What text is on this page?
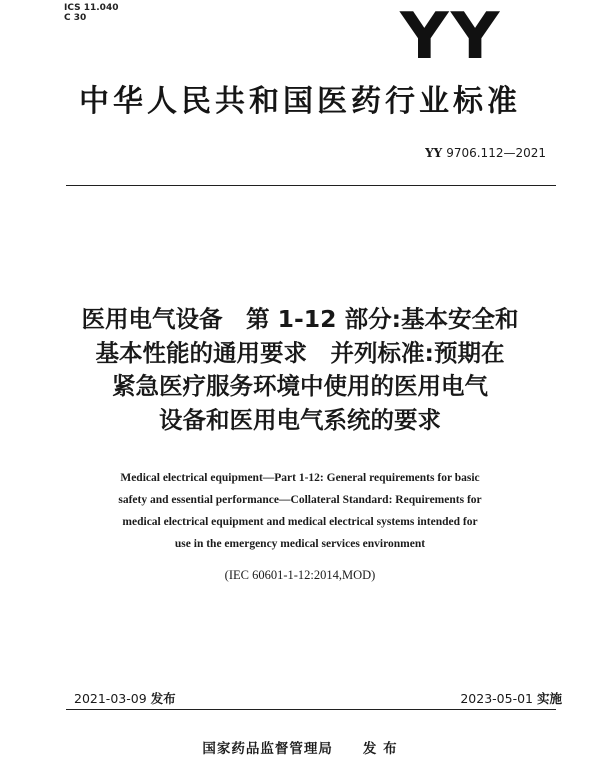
ICS 11.040
C 30	YY
中华人民共和国医药行业标准
YY 9706.112—2021
医用电气设备　第 1-12 部分:基本安全和
基本性能的通用要求　并列标准:预期在
紧急医疗服务环境中使用的医用电气
设备和医用电气系统的要求
Medical electrical equipment—Part 1-12: General requirements for basic
safety and essential performance—Collateral Standard: Requirements for
medical electrical equipment and medical electrical systems intended for
use in the emergency medical services environment
(IEC 60601-1-12:2014,MOD)
2021-03-09 发布	2023-05-01 实施
国家药品监督管理局 发 布
